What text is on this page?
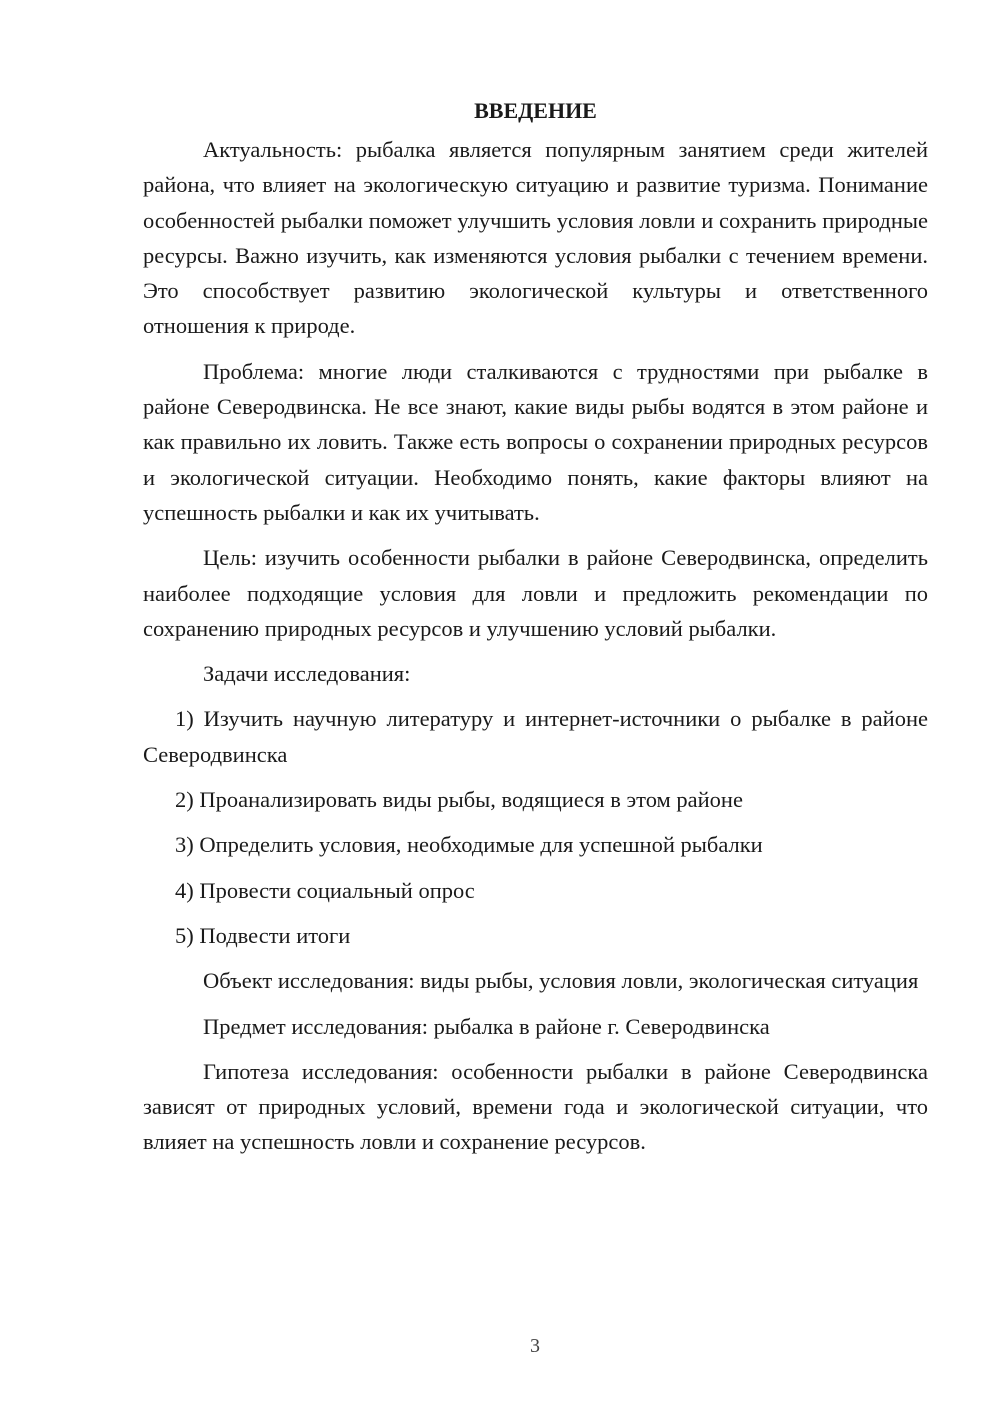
ВВЕДЕНИЕ

Актуальность: рыбалка является популярным занятием среди жителей района, что влияет на экологическую ситуацию и развитие туризма. Понимание особенностей рыбалки поможет улучшить условия ловли и сохранить природные ресурсы. Важно изучить, как изменяются условия рыбалки с течением времени. Это способствует развитию экологической культуры и ответственного отношения к природе.

Проблема: многие люди сталкиваются с трудностями при рыбалке в районе Северодвинска. Не все знают, какие виды рыбы водятся в этом районе и как правильно их ловить. Также есть вопросы о сохранении природных ресурсов и экологической ситуации. Необходимо понять, какие факторы влияют на успешность рыбалки и как их учитывать.

Цель: изучить особенности рыбалки в районе Северодвинска, определить наиболее подходящие условия для ловли и предложить рекомендации по сохранению природных ресурсов и улучшению условий рыбалки.

Задачи исследования:

1) Изучить научную литературу и интернет-источники о рыбалке в районе Северодвинска

2) Проанализировать виды рыбы, водящиеся в этом районе

3) Определить условия, необходимые для успешной рыбалки

4) Провести социальный опрос

5) Подвести итоги

Объект исследования: виды рыбы, условия ловли, экологическая ситуация

Предмет исследования: рыбалка в районе г. Северодвинска

Гипотеза исследования: особенности рыбалки в районе Северодвинска зависят от природных условий, времени года и экологической ситуации, что влияет на успешность ловли и сохранение ресурсов.

3
